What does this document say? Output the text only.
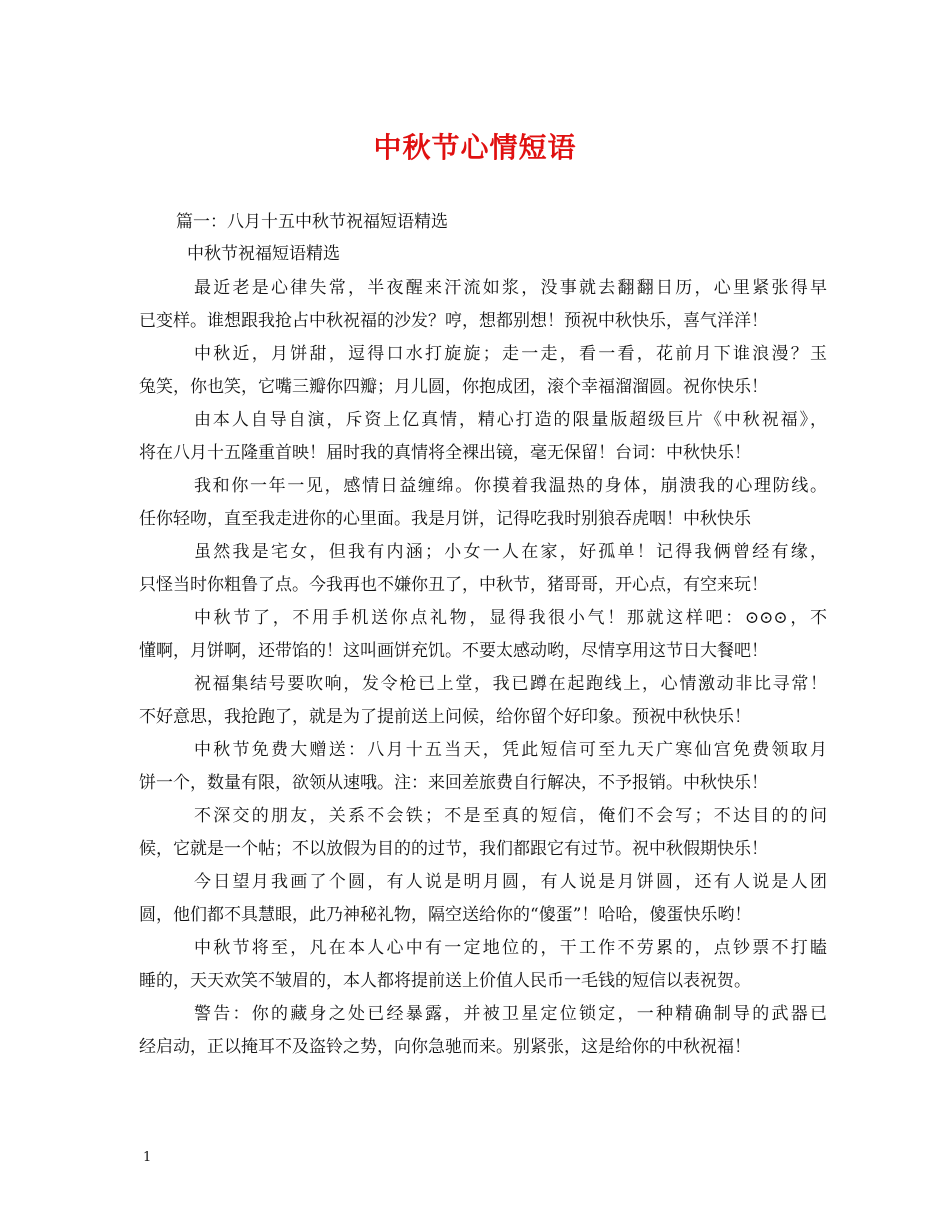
中秋节心情短语
篇一：八月十五中秋节祝福短语精选
中秋节祝福短语精选
最近老是心律失常，半夜醒来汗流如浆，没事就去翻翻日历，心里紧张得早
已变样。谁想跟我抢占中秋祝福的沙发？哼，想都别想！预祝中秋快乐，喜气洋洋！
中秋近，月饼甜，逗得口水打旋旋；走一走，看一看，花前月下谁浪漫？玉
兔笑，你也笑，它嘴三瓣你四瓣；月儿圆，你抱成团，滚个幸福溜溜圆。祝你快乐！
由本人自导自演，斥资上亿真情，精心打造的限量版超级巨片《中秋祝福》，
将在八月十五隆重首映！届时我的真情将全裸出镜，毫无保留！台词：中秋快乐！
我和你一年一见，感情日益缠绵。你摸着我温热的身体，崩溃我的心理防线。
任你轻吻，直至我走进你的心里面。我是月饼，记得吃我时别狼吞虎咽！中秋快乐
虽然我是宅女，但我有内涵；小女一人在家，好孤单！记得我俩曾经有缘，
只怪当时你粗鲁了点。今我再也不嫌你丑了，中秋节，猪哥哥，开心点，有空来玩！
中秋节了，不用手机送你点礼物，显得我很小气！那就这样吧：⊙⊙⊙，不
懂啊，月饼啊，还带馅的！这叫画饼充饥。不要太感动哟，尽情享用这节日大餐吧！
祝福集结号要吹响，发令枪已上堂，我已蹲在起跑线上，心情激动非比寻常！
不好意思，我抢跑了，就是为了提前送上问候，给你留个好印象。预祝中秋快乐！
中秋节免费大赠送：八月十五当天，凭此短信可至九天广寒仙宫免费领取月
饼一个，数量有限，欲领从速哦。注：来回差旅费自行解决，不予报销。中秋快乐！
不深交的朋友，关系不会铁；不是至真的短信，俺们不会写；不达目的的问
候，它就是一个帖；不以放假为目的的过节，我们都跟它有过节。祝中秋假期快乐！
今日望月我画了个圆，有人说是明月圆，有人说是月饼圆，还有人说是人团
圆，他们都不具慧眼，此乃神秘礼物，隔空送给你的“傻蛋”！哈哈，傻蛋快乐哟！
中秋节将至，凡在本人心中有一定地位的，干工作不劳累的，点钞票不打瞌
睡的，天天欢笑不皱眉的，本人都将提前送上价值人民币一毛钱的短信以表祝贺。
警告：你的藏身之处已经暴露，并被卫星定位锁定，一种精确制导的武器已
经启动，正以掩耳不及盗铃之势，向你急驰而来。别紧张，这是给你的中秋祝福！
1
